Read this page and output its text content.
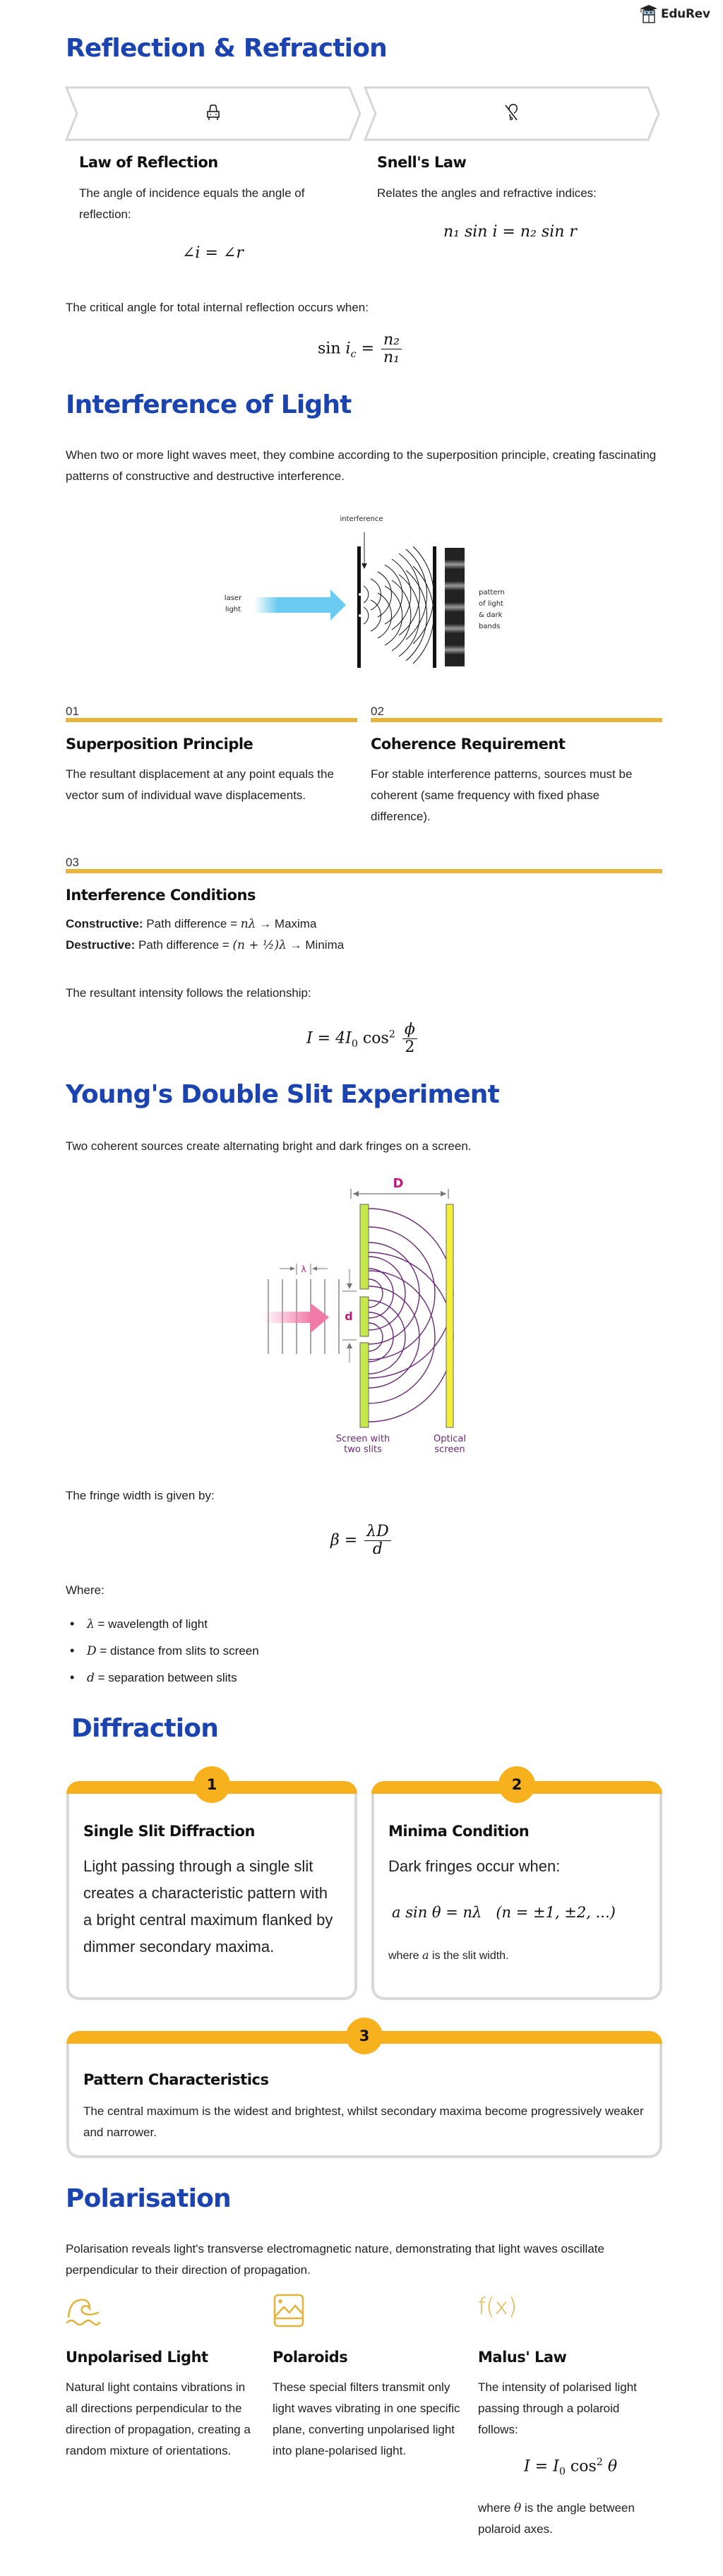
EduRev
Reflection & Refraction
Law of Reflection
The angle of incidence equals the angle of reflection:
∠i = ∠r
Snell's Law
Relates the angles and refractive indices:
n₁ sin i = n₂ sin r
The critical angle for total internal reflection occurs when:
$\sin i_c = \frac{\text{n₂}}{\text{n₁}}$
Interference of Light
When two or more light waves meet, they combine according to the superposition principle, creating fascinating patterns of constructive and destructive interference.
interference
laser
light
pattern
of light
& dark
bands
01
Superposition Principle
The resultant displacement at any point equals the vector sum of individual wave displacements.
02
Coherence Requirement
For stable interference patterns, sources must be coherent (same frequency with fixed phase difference).
03
Interference Conditions
Constructive: Path difference = nλ → Maxima
Destructive: Path difference = (n + ½)λ → Minima
The resultant intensity follows the relationship:
$I = 4I_0$ $\cos^2 \frac{\phi}{2}$
Young's Double Slit Experiment
Two coherent sources create alternating bright and dark fringes on a screen.
D
λ
d
Screen with
two slits
Optical
screen
The fringe width is given by:
$\beta = \frac{\lambda D}{d}$
Where:
• λ = wavelength of light
• D = distance from slits to screen
• d = separation between slits
Diffraction
1
Single Slit Diffraction
Light passing through a single slit creates a characteristic pattern with a bright central maximum flanked by dimmer secondary maxima.
2
Minima Condition
Dark fringes occur when:
a sin θ = nλ   (n = ±1, ±2, ...)
where a is the slit width.
3
Pattern Characteristics
The central maximum is the widest and brightest, whilst secondary maxima become progressively weaker and narrower.
Polarisation
Polarisation reveals light's transverse electromagnetic nature, demonstrating that light waves oscillate perpendicular to their direction of propagation.
Unpolarised Light
Natural light contains vibrations in all directions perpendicular to the direction of propagation, creating a random mixture of orientations.
Polaroids
These special filters transmit only light waves vibrating in one specific plane, converting unpolarised light into plane-polarised light.
f(x)
Malus' Law
The intensity of polarised light passing through a polaroid follows:
$I = I_0$ $\cos^2 \theta$
where θ is the angle between polaroid axes.
